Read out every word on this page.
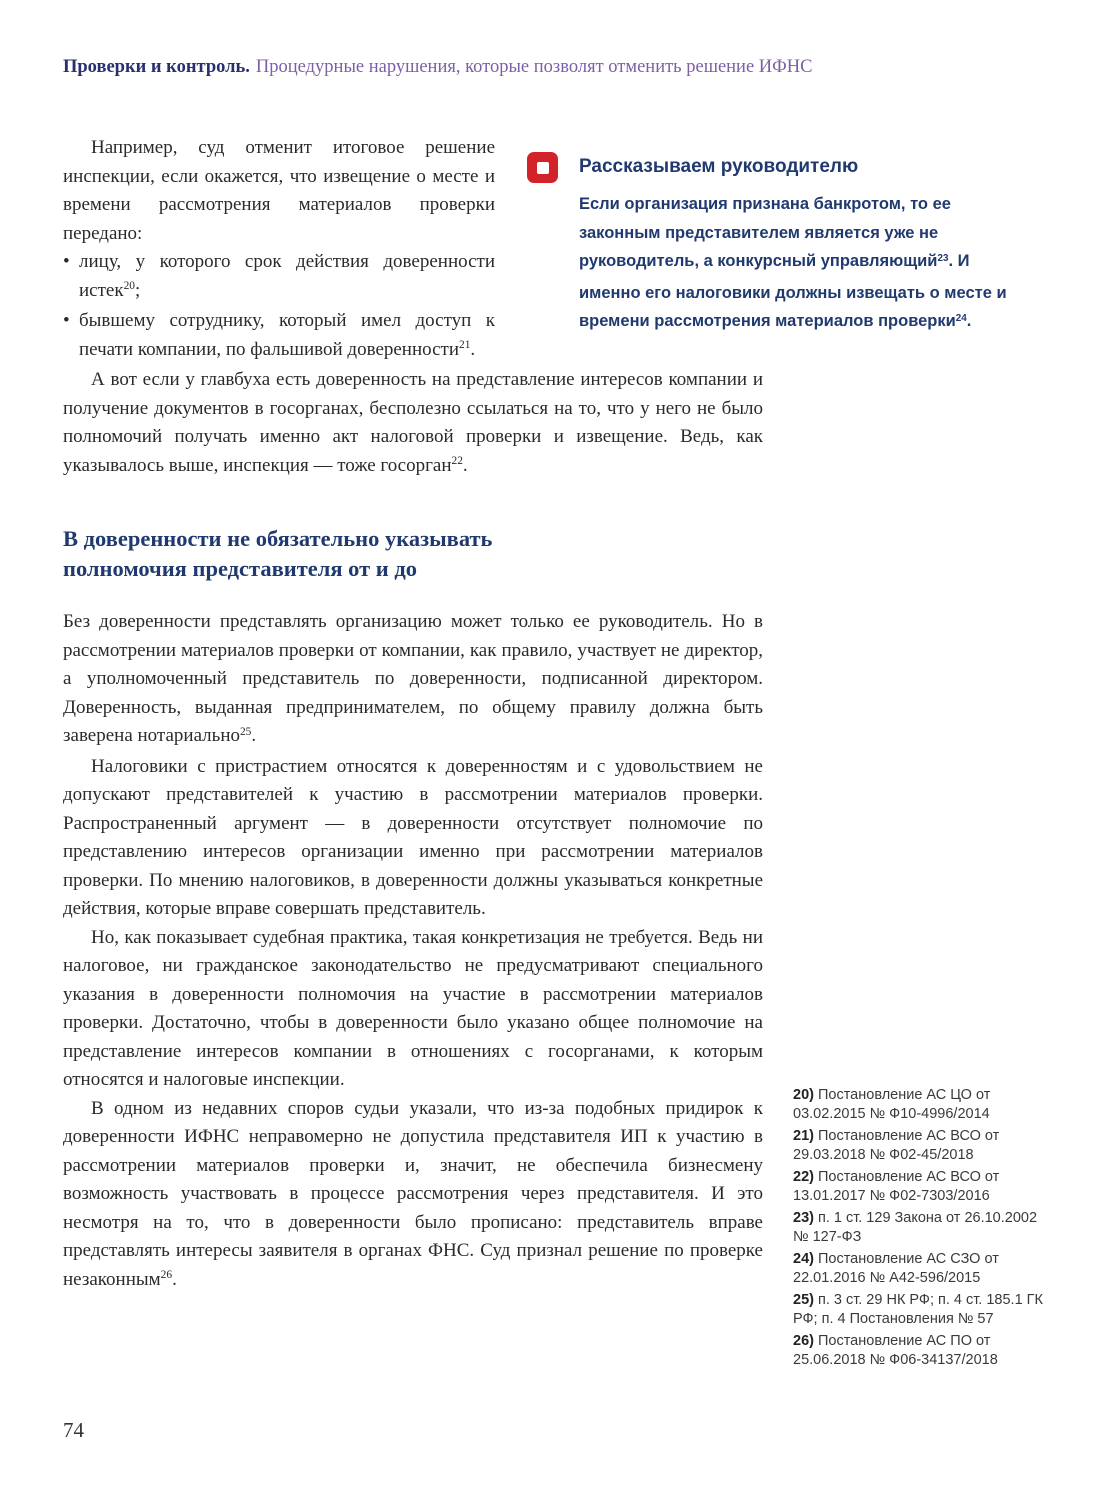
Проверки и контроль. Процедурные нарушения, которые позволят отменить решение ИФНС
Рассказываем руководителю
Если организация признана банкротом, то ее законным представителем является уже не руководитель, а конкурсный управляющий$^{23}$. И именно его налоговики должны извещать о месте и времени рассмотрения материалов проверки$^{24}$.

Например, суд отменит итоговое решение инспекции, если окажется, что извещение о месте и времени рассмотрения материалов проверки передано:

• лицу, у которого срок действия доверенности истек$^{20}$;
• бывшему сотруднику, который имел доступ к печати компании, по фальшивой доверенности$^{21}$.

А вот если у главбуха есть доверенность на представление интересов компании и получение документов в госорганах, бесполезно ссылаться на то, что у него не было полномочий получать именно акт налоговой проверки и извещение. Ведь, как указывалось выше, инспекция — тоже госорган$^{22}$.

В доверенности не обязательно указывать
полномочия представителя от и до

Без доверенности представлять организацию может только ее руководитель. Но в рассмотрении материалов проверки от компании, как правило, участвует не директор, а уполномоченный представитель по доверенности, подписанной директором. Доверенность, выданная предпринимателем, по общему правилу должна быть заверена нотариально$^{25}$.

Налоговики с пристрастием относятся к доверенностям и с удовольствием не допускают представителей к участию в рассмотрении материалов проверки. Распространенный аргумент — в доверенности отсутствует полномочие по представлению интересов организации именно при рассмотрении материалов проверки. По мнению налоговиков, в доверенности должны указываться конкретные действия, которые вправе совершать представитель.

Но, как показывает судебная практика, такая конкретизация не требуется. Ведь ни налоговое, ни гражданское законодательство не предусматривают специального указания в доверенности полномочия на участие в рассмотрении материалов проверки. Достаточно, чтобы в доверенности было указано общее полномочие на представление интересов компании в отношениях с госорганами, к которым относятся и налоговые инспекции.

В одном из недавних споров судьи указали, что из-за подобных придирок к доверенности ИФНС неправомерно не допустила представителя ИП к участию в рассмотрении материалов проверки и, значит, не обеспечила бизнесмену возможность участвовать в процессе рассмотрения через представителя. И это несмотря на то, что в доверенности было прописано: представитель вправе представлять интересы заявителя в органах ФНС. Суд признал решение по проверке незаконным$^{26}$.

20) Постановление АС ЦО от 03.02.2015 № Ф10-4996/2014
21) Постановление АС ВСО от 29.03.2018 № Ф02-45/2018
22) Постановление АС ВСО от 13.01.2017 № Ф02-7303/2016
23) п. 1 ст. 129 Закона от 26.10.2002 № 127-ФЗ
24) Постановление АС СЗО от 22.01.2016 № А42-596/2015
25) п. 3 ст. 29 НК РФ; п. 4 ст. 185.1 ГК РФ; п. 4 Постановления № 57
26) Постановление АС ПО от 25.06.2018 № Ф06-34137/2018
74
